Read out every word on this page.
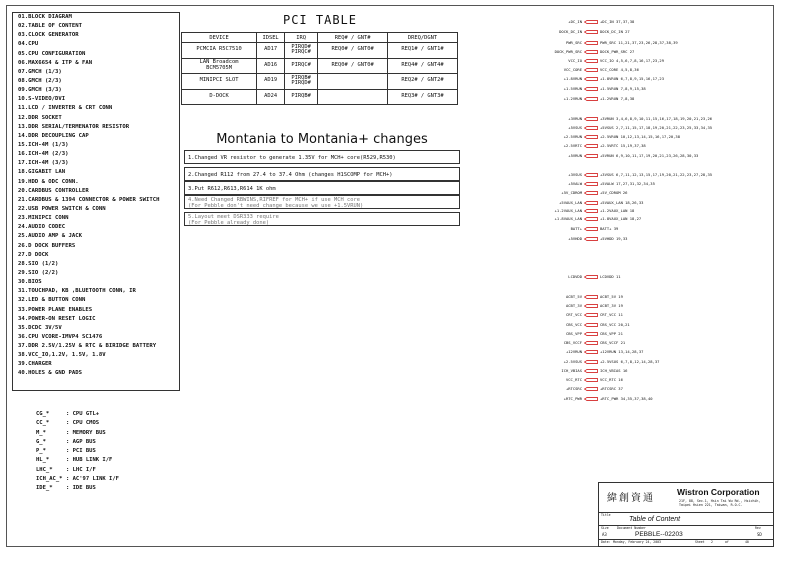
01.BLOCK DIAGRAM
02.TABLE OF CONTENT
03.CLOCK GENERATOR
04.CPU
05.CPU CONFIGURATION
06.MAX6654 & ITP & FAN
07.GMCH (1/3)
08.GMCH (2/3)
09.GMCH (3/3)
10.S-VIDEO/DVI
11.LCD / INVERTER & CRT CONN
12.DDR SOCKET
13.DDR SERIAL/TERMENATOR RESISTOR
14.DDR DECOUPLING CAP
15.ICH-4M (1/3)
16.ICH-4M (2/3)
17.ICH-4M (3/3)
18.GIGABIT LAN
19.HDD & ODC CONN.
20.CARDBUS CONTROLLER
21.CARDBUS & 1394 CONNECTOR & POWER SWITCH
22.USB POWER SWITCH & CONN
23.MINIPCI CONN
24.AUDIO CODEC
25.AUDIO AMP & JACK
26.D DOCK BUFFERS
27.D DOCK
28.SIO (1/2)
29.SIO (2/2)
30.BIOS
31.TOUCHPAD, KB ,BLUETOOTH CONN, IR
32.LED & BUTTON CONN
33.POWER PLANE ENABLES
34.POWER-ON RESET LOGIC
35.DCDC 3V/5V
36.CPU VCORE-IMVP4 SC1476
37.DDR 2.5V/1.25V & RTC & BIRIDGE BATTERY
38.VCC_IO,1.2V, 1.5V, 1.8V
39.CHARGER
40.HOLES & GND PADS
CG_*	: CPU GTL+
CC_*	: CPU CMOS
M_*	: MEMORY BUS
G_*	: AGP BUS
P_*	: PCI BUS
HL_*	: HUB LINK I/F
LHC_* : LHC I/F
ICH_AC_* : AC'97 LINK I/F
IDE_* : IDE BUS
PCI TABLE
DEVICE	IDSEL	IRQ	REQ# / GNT#	DREQ/DGNT
PCMCIA R5C7510	AD17	PIRQD#
PIRQC#	REQ0# / GNT0#	REQ1# / GNT1#
LAN Broadcom
BCM5705M	AD16	PIRQC#	REQ0# / GNT0#	REQ4# / GNT4#
MINIPCI SLOT	AD19	PIRQB#
PIRQD#		REQ2# / GNT2#
D-DOCK	AD24	PIRQB#		REQ3# / GNT3#
Montania to Montania+ changes
1.Changed VR resistor to generate 1.35V for MCH+ core(R529,R530)
2.Changed R112 from 27.4 to 37.4 Ohm (changes H1SCOMP for MCH+)
3.Put R612,R613,R614 1K ohm
4.Need Changed RBWINS,RIFREF for MCH+ if use MCH core
(For Pebble don't need change because we use +1.5VRUN)
5.Layout meet DSR333 require
(For Pebble already done)
+DC_IN	+DC_IN 37,37,38
DOCK_DC_IN	DOCK_DC_IN 27
PWR_SRC	PWR_SRC 11,21,37,23,26,28,37,38,39
DOCK_PWR_SRC	DOCK_PWR_SRC 27
VCC_IO	VCC_IO 4,5,6,7,8,16,17,23,29
VCC_CORE	VCC_CORE 4,5,8,36
+1.8VRUN	+1.8VRUN 6,7,8,9,15,16,17,23
+1.5VRUN	+1.5VRUN 7,8,9,15,38
+1.2VRUN	+1.2VRUN 7,8,38
+3VRUN	+3VRUN 3,4,6,8,9,10,11,15,16,17,18,19,20,21,23,26
+5VSUS	+5VSUS 2,7,11,15,17,18,19,20,21,22,23,25,33,34,35
+2.5VRUN	+2.5VRUN 10,12,13,14,15,16,17,20,38
+2.5VRTC	+2.5VRTC 15,19,37,38
+5VRUN	+5VRUN 6,9,10,11,17,19,20,21,23,26,28,30,33
+3VSUS	+3VSUS 6,7,11,12,13,15,17,19,20,21,22,23,27,28,35
+5VALW	+5VALW 17,27,31,32,34,35
+5V_CDROM	+5V_CDROM 26
+5VAUX_LAN	+5VAUX_LAN 18,26,33
+1.2VAUX_LAN	+1.2VAUX_LAN 18
+1.8VAUX_LAN	+1.8VAUX_LAN 18,27
BATT+	BATT+ 39
+5VHDD	+5VHDD 19,33
LCDVDD	LCDVDD 11
ACBT_5V	ACBT_5V 19
ACBT_3V	ACBT_3V 19
CRT_VCC	CRT_VCC 11
CBS_VCC	CBS_VCC 20,21
CBS_VPP	CBS_VPP 21
CBS_VCCF	CBS_VCCF 21
+12VRUN	+12VRUN 13,14,28,37
+2.5VSUS	+2.5VSUS 6,7,8,12,14,28,37
ICH_VBIAS	ICH_VBIAS 16
VCC_RTC	VCC_RTC 16
+RTCSRC	+RTCSRC 37
+RTC_PWR	+RTC_PWR 34,35,37,38,40
緯創資通
Wistron Corporation
21F, 88, Sec.1, Hsin Tai Wu Rd., Hsichih, Taipei Hsien 221, Taiwan, R.O.C.
Title
Table of Content
Size
A3
Document Number
PEBBLE--02203
Rev
SD
Date: Monday, February 24, 2003	Sheet 2	of	40
